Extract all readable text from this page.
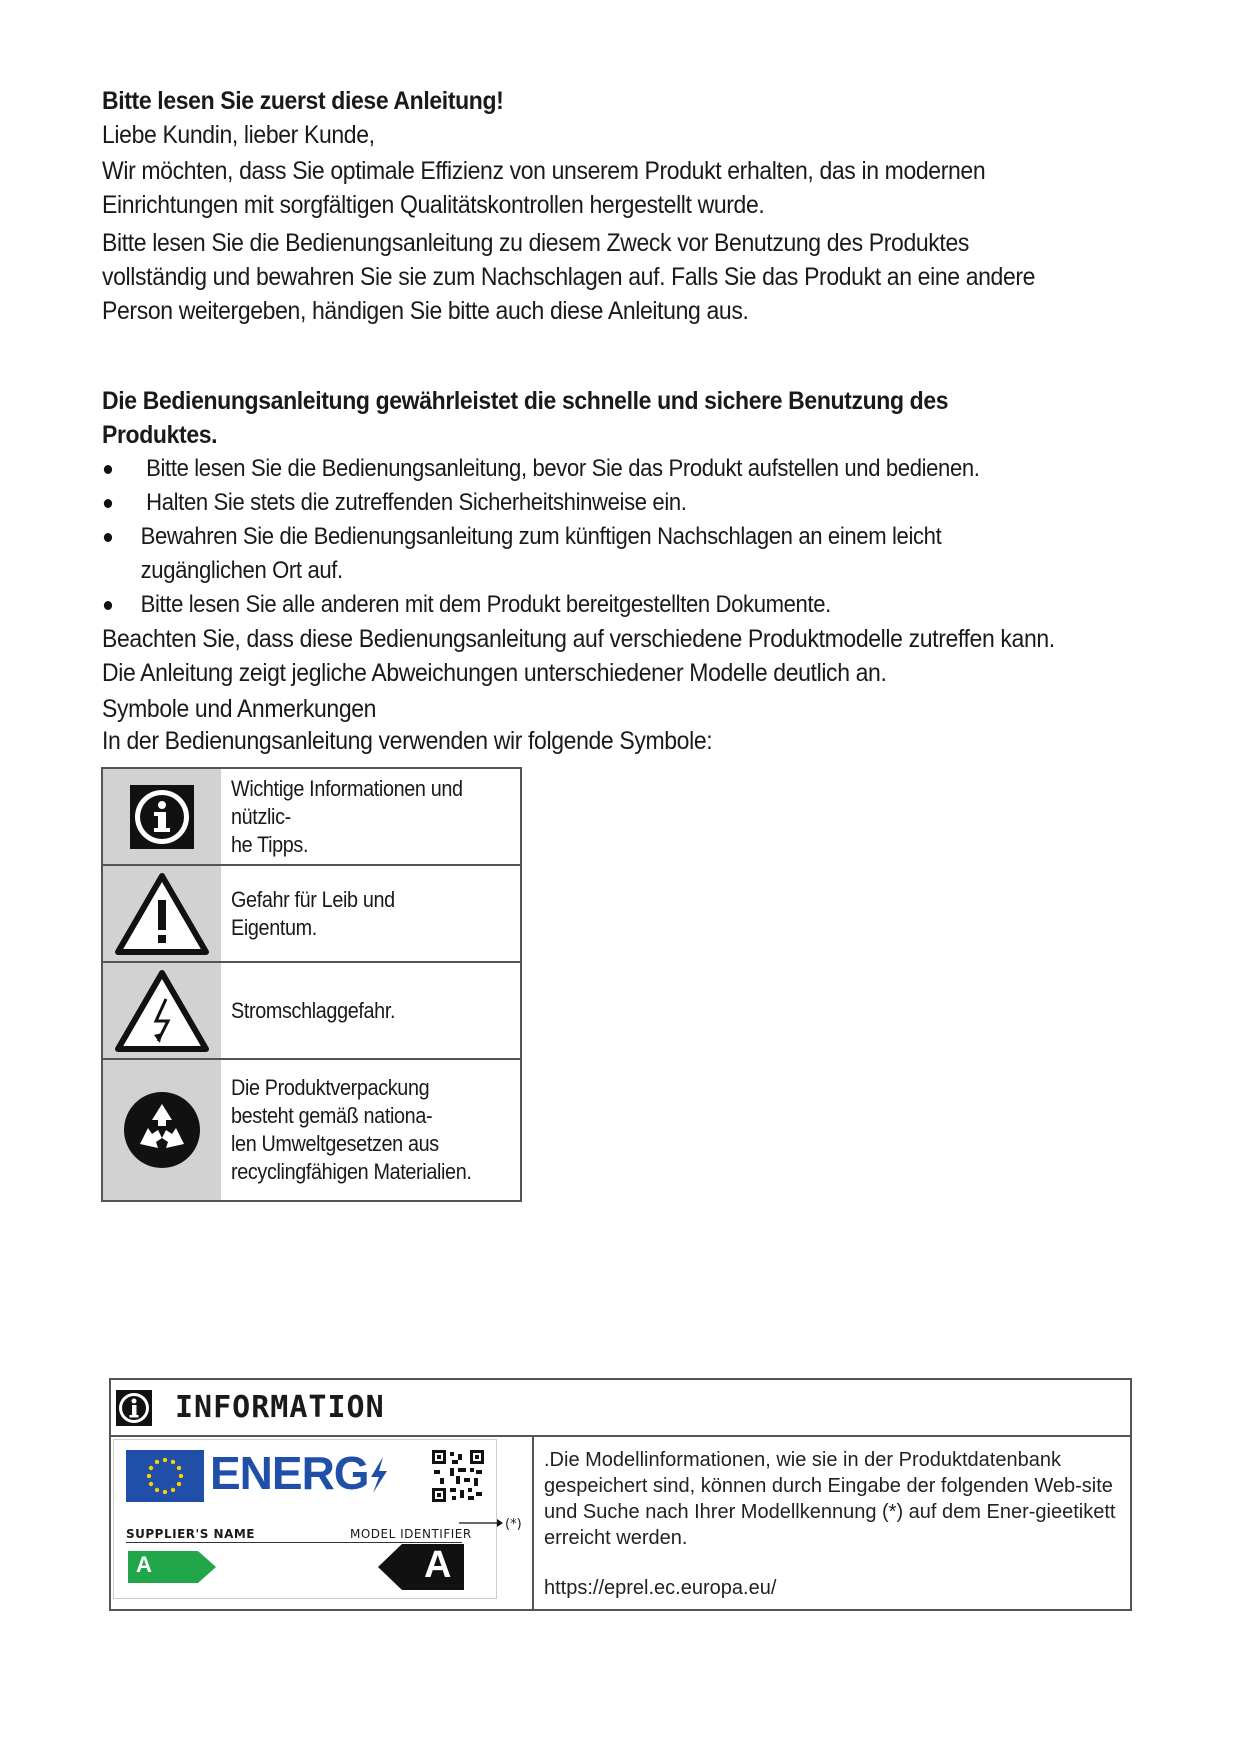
Bitte lesen Sie zuerst diese Anleitung!

Liebe Kundin, lieber Kunde,

Wir möchten, dass Sie optimale Effizienz von unserem Produkt erhalten, das in modernen Einrichtungen mit sorgfältigen Qualitätskontrollen hergestellt wurde.

Bitte lesen Sie die Bedienungsanleitung zu diesem Zweck vor Benutzung des Produktes vollständig und bewahren Sie sie zum Nachschlagen auf. Falls Sie das Produkt an eine andere Person weitergeben, händigen Sie bitte auch diese Anleitung aus.

Die Bedienungsanleitung gewährleistet die schnelle und sichere Benutzung des Produktes.

Bitte lesen Sie die Bedienungsanleitung, bevor Sie das Produkt aufstellen und bedienen.
Halten Sie stets die zutreffenden Sicherheitshinweise ein.
Bewahren Sie die Bedienungsanleitung zum künftigen Nachschlagen an einem leicht zugänglichen Ort auf.
Bitte lesen Sie alle anderen mit dem Produkt bereitgestellten Dokumente.

Beachten Sie, dass diese Bedienungsanleitung auf verschiedene Produktmodelle zutreffen kann. Die Anleitung zeigt jegliche Abweichungen unterschiedener Modelle deutlich an.

Symbole und Anmerkungen

In der Bedienungsanleitung verwenden wir folgende Symbole:

Wichtige Informationen und nützlic-
he Tipps.
Gefahr für Leib und Eigentum.
Stromschlaggefahr.
Die Produktverpackung
besteht gemäß nationa-
len Umweltgesetzen aus
recyclingfähigen Materialien.
INFORMATION
ENERG
SUPPLIER'S NAME	MODEL IDENTIFIER
A	A
(*)

.Die Modellinformationen, wie sie in der Produktdatenbank gespeichert sind, können durch Eingabe der folgenden Web-site und Suche nach Ihrer Modellkennung (*) auf dem Ener-gieetikett erreicht werden.

https://eprel.ec.europa.eu/
